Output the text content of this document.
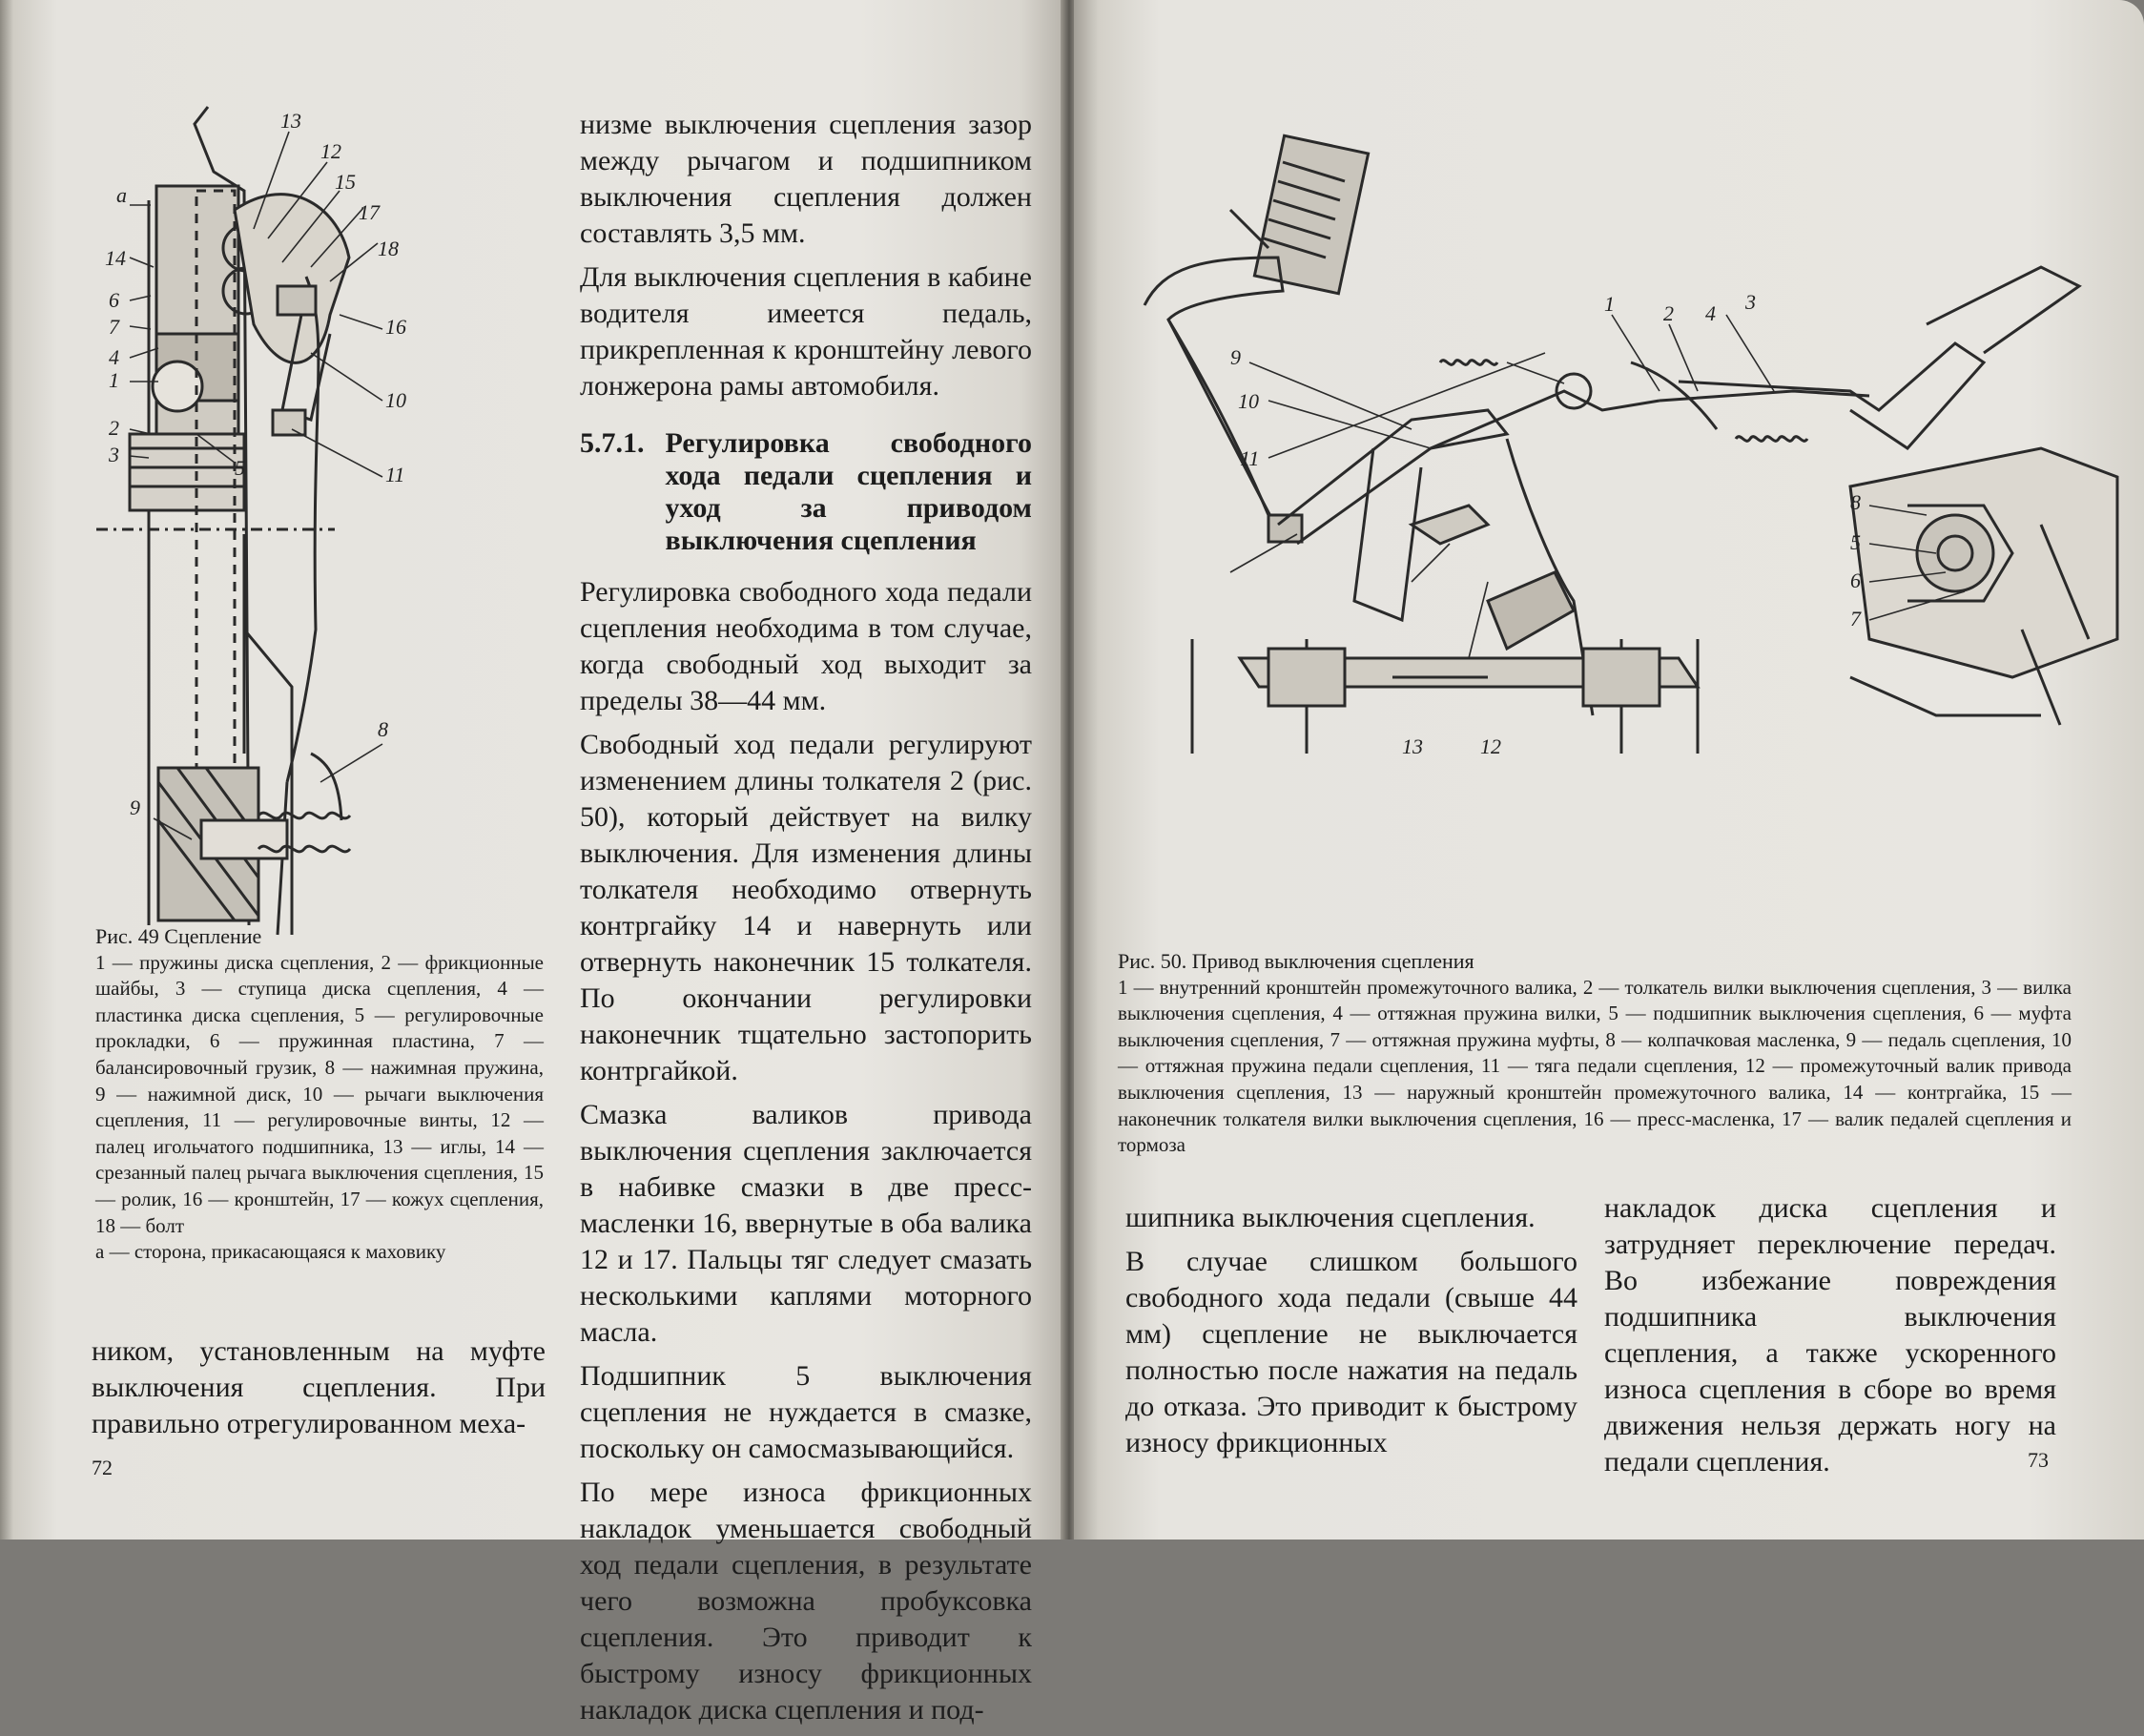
13
12
15
17
18
16
10
11
14
6
7
4
1
2
3
5
8
9
а

Рис. 49 Сцепление

1 — пружины диска сцепления, 2 — фрикционные шайбы, 3 — ступица диска сцепления, 4 — пластинка диска сцепления, 5 — регулировочные прокладки, 6 — пружинная пластина, 7 — балансировочный грузик, 8 — нажимная пружина, 9 — нажимной диск, 10 — рычаги выключения сцепления, 11 — регулировочные винты, 12 — палец игольчатого подшипника, 13 — иглы, 14 — срезанный палец рычага выключения сцепления, 15 — ролик, 16 — кронштейн, 17 — кожух сцепления, 18 — болт

а — сторона, прикасающаяся к маховику

ником, установленным на муфте выключения сцепления. При правильно отрегулированном меха-

низме выключения сцепления зазор между рычагом и подшипником выключения сцепления должен составлять 3,5 мм.

Для выключения сцепления в кабине водителя имеется педаль, прикрепленная к кронштейну левого лонжерона рамы автомобиля.

5.7.1. Регулировка свободного хода педали сцепления и уход за приводом выключения сцепления

Регулировка свободного хода педали сцепления необходима в том случае, когда свободный ход выходит за пределы 38—44 мм.

Свободный ход педали регулируют изменением длины толкателя 2 (рис. 50), который действует на вилку выключения. Для изменения длины толкателя необходимо отвернуть контргайку 14 и навернуть или отвернуть наконечник 15 толкателя. По окончании регулировки наконечник тщательно застопорить контргайкой.

Смазка валиков привода выключения сцепления заключается в набивке смазки в две пресс-масленки 16, ввернутые в оба валика 12 и 17. Пальцы тяг следует смазать несколькими каплями моторного масла.

Подшипник 5 выключения сцепления не нуждается в смазке, поскольку он самосмазывающийся.

По мере износа фрикционных накладок уменьшается свободный ход педали сцепления, в результате чего возможна пробуксовка сцепления. Это приводит к быстрому износу фрикционных накладок диска сцепления и под-

72
1 2 4 3
9
10
11
13	12
8
5
6
7

Рис. 50. Привод выключения сцепления

1 — внутренний кронштейн промежуточного валика, 2 — толкатель вилки выключения сцепления, 3 — вилка выключения сцепления, 4 — оттяжная пружина вилки, 5 — подшипник выключения сцепления, 6 — муфта выключения сцепления, 7 — оттяжная пружина муфты, 8 — колпачковая масленка, 9 — педаль сцепления, 10 — оттяжная пружина педали сцепления, 11 — тяга педали сцепления, 12 — промежуточный валик привода выключения сцепления, 13 — наружный кронштейн промежуточного валика, 14 — контргайка, 15 — наконечник толкателя вилки выключения сцепления, 16 — пресс-масленка, 17 — валик педалей сцепления и тормоза

шипника выключения сцепления.

В случае слишком большого свободного хода педали (свыше 44 мм) сцепление не выключается полностью после нажатия на педаль до отказа. Это приводит к быстрому износу фрикционных

накладок диска сцепления и затрудняет переключение передач. Во избежание повреждения подшипника выключения сцепления, а также ускоренного износа сцепления в сборе во время движения нельзя держать ногу на педали сцепления.	73
